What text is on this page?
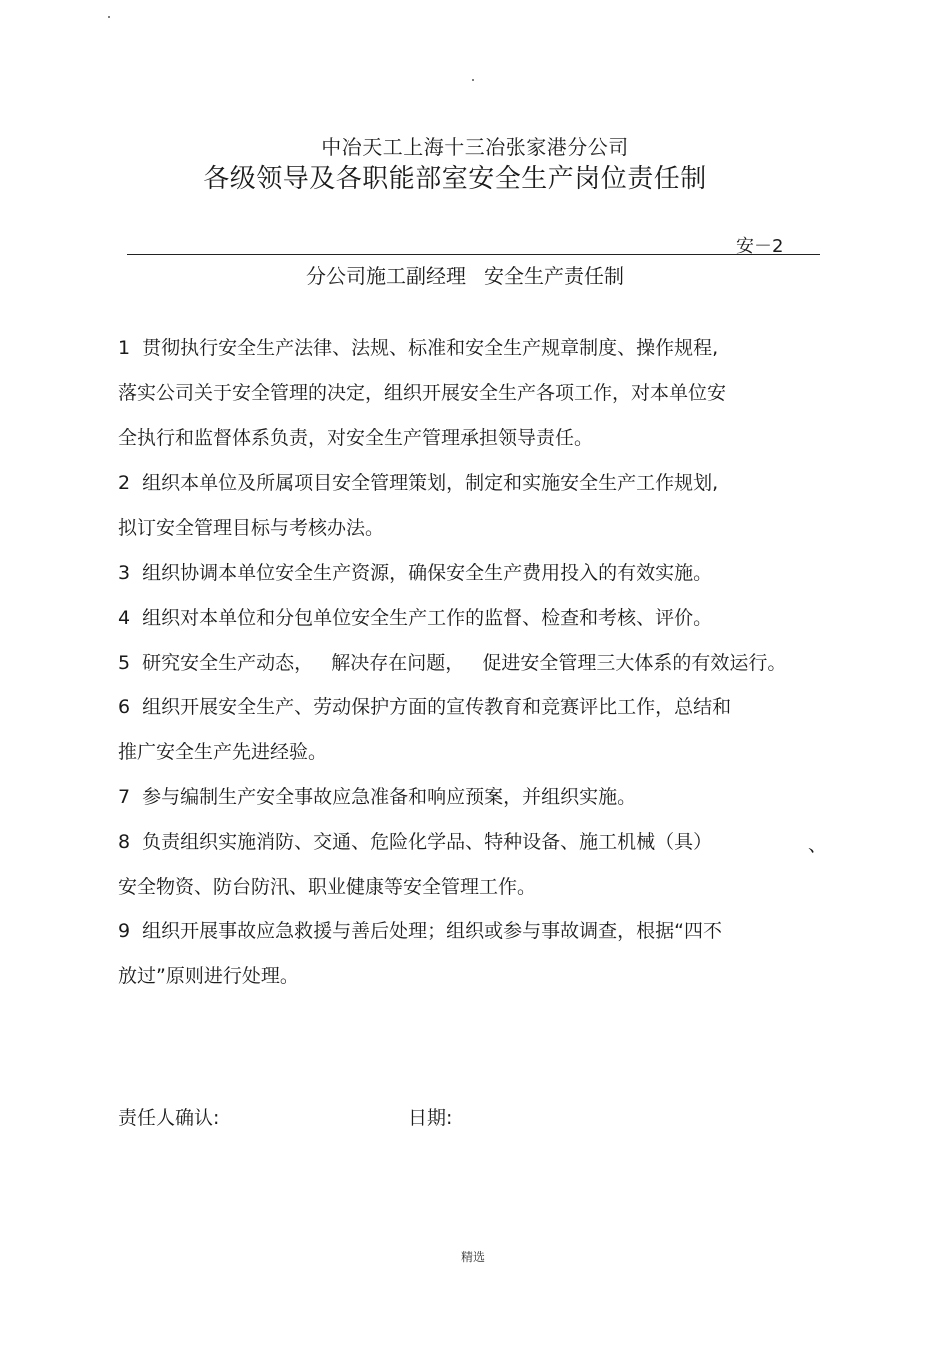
中冶天工上海十三冶张家港分公司
各级领导及各职能部室安全生产岗位责任制
安－2
分公司施工副经理 安全生产责任制
1  贯彻执行安全生产法律、法规、标准和安全生产规章制度、操作规程,
落实公司关于安全管理的决定，组织开展安全生产各项工作，对本单位安
全执行和监督体系负责，对安全生产管理承担领导责任。
2  组织本单位及所属项目安全管理策划，制定和实施安全生产工作规划,
拟订安全管理目标与考核办法。
3  组织协调本单位安全生产资源，确保安全生产费用投入的有效实施。
4  组织对本单位和分包单位安全生产工作的监督、检查和考核、评价。
5  研究安全生产动态，   解决存在问题，   促进安全管理三大体系的有效运行。
6  组织开展安全生产、劳动保护方面的宣传教育和竞赛评比工作，总结和
推广安全生产先进经验。
7  参与编制生产安全事故应急准备和响应预案，并组织实施。
8  负责组织实施消防、交通、危险化学品、特种设备、施工机械（具）	、
安全物资、防台防汛、职业健康等安全管理工作。
9  组织开展事故应急救援与善后处理；组织或参与事故调查，根据“四不
放过”原则进行处理。
责任人确认:	日期:
精选
